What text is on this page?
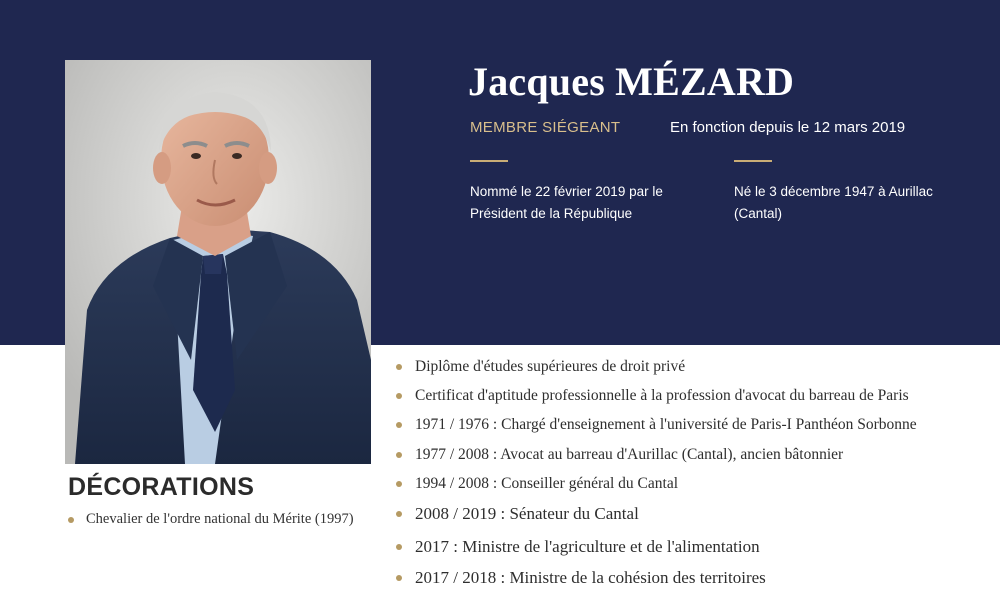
Jacques MÉZARD
MEMBRE SIÉGEANT	En fonction depuis le 12 mars 2019
Nommé le 22 février 2019 par le Président de la République
Né le 3 décembre 1947 à Aurillac (Cantal)
DÉCORATIONS
Chevalier de l'ordre national du Mérite (1997)
Diplôme d'études supérieures de droit privé
Certificat d'aptitude professionnelle à la profession d'avocat du barreau de Paris
1971 / 1976 : Chargé d'enseignement à l'université de Paris-I Panthéon Sorbonne
1977 / 2008 : Avocat au barreau d'Aurillac (Cantal), ancien bâtonnier
1994 / 2008 : Conseiller général du Cantal
2008 / 2019 : Sénateur du Cantal
2017 : Ministre de l'agriculture et de l'alimentation
2017 / 2018 : Ministre de la cohésion des territoires
